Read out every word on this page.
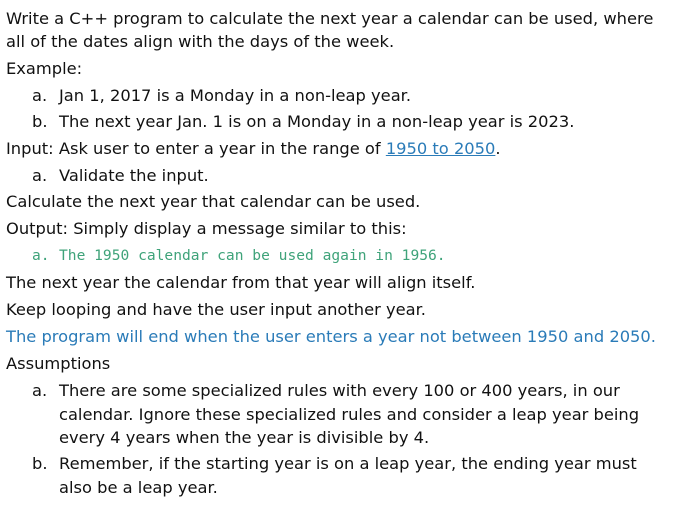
Write a C++ program to calculate the next year a calendar can be used, where
all of the dates align with the days of the week.
Example:
a. Jan 1, 2017 is a Monday in a non-leap year.
b. The next year Jan. 1 is on a Monday in a non-leap year is 2023.
Input: Ask user to enter a year in the range of 1950 to 2050.
a. Validate the input.
Calculate the next year that calendar can be used.
Output: Simply display a message similar to this:
a. The 1950 calendar can be used again in 1956.
The next year the calendar from that year will align itself.
Keep looping and have the user input another year.
The program will end when the user enters a year not between 1950 and 2050.
Assumptions
a. There are some specialized rules with every 100 or 400 years, in our
calendar. Ignore these specialized rules and consider a leap year being
every 4 years when the year is divisible by 4.
b. Remember, if the starting year is on a leap year, the ending year must
also be a leap year.
